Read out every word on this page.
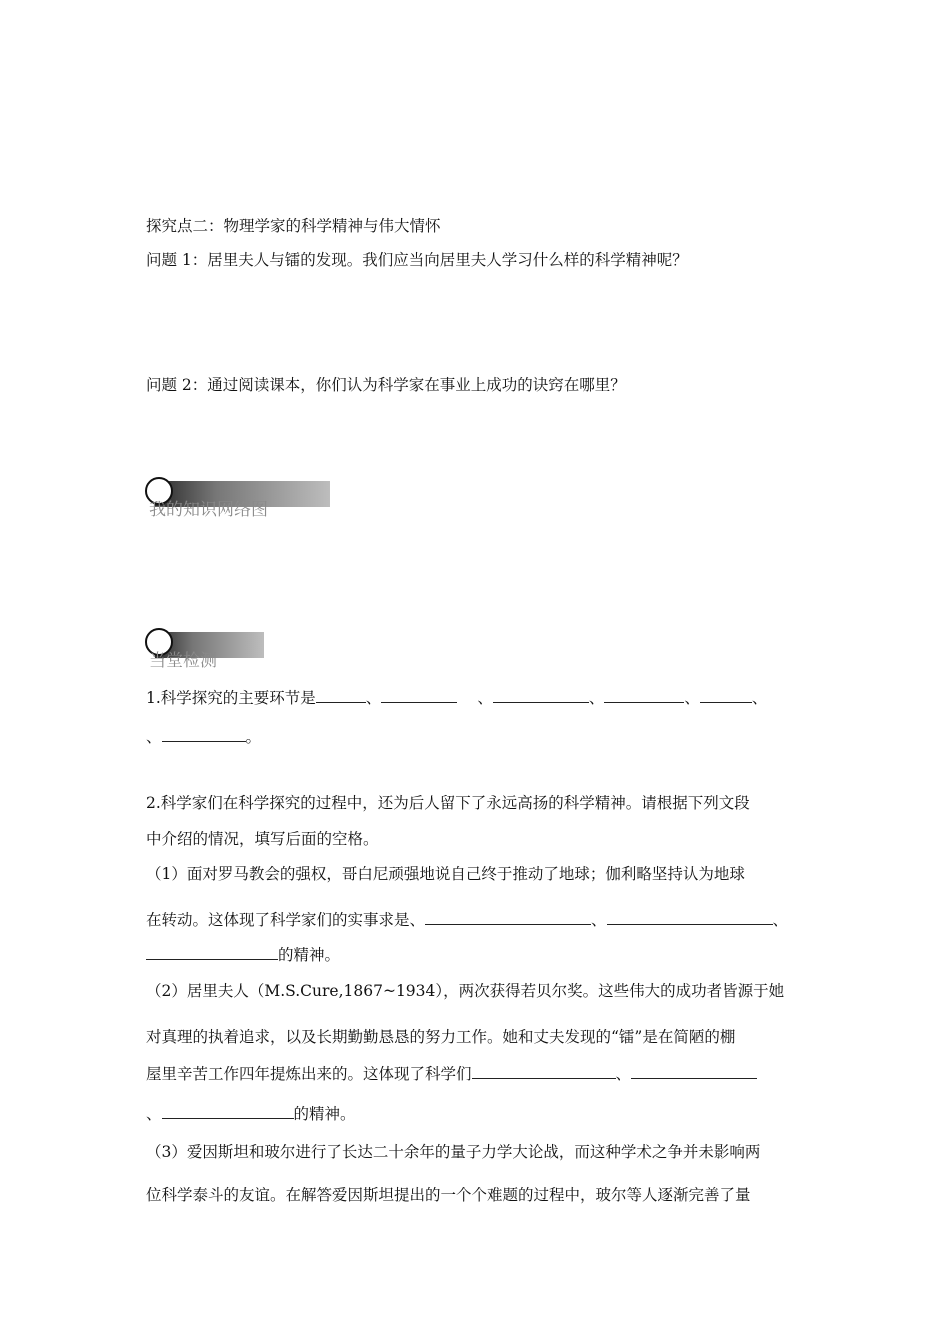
探究点二：物理学家的科学精神与伟大情怀
问题 1：居里夫人与镭的发现。我们应当向居里夫人学习什么样的科学精神呢？
问题 2：通过阅读课本，你们认为科学家在事业上成功的诀窍在哪里？
我的知识网络图
当堂检测
1.科学探究的主要环节是	、	、	、	、	、
、	。
2.科学家们在科学探究的过程中，还为后人留下了永远高扬的科学精神。请根据下列文段
中介绍的情况，填写后面的空格。
（1）面对罗马教会的强权，哥白尼顽强地说自己终于推动了地球；伽利略坚持认为地球
在转动。这体现了科学家们的实事求是、	、	、
的精神。
（2）居里夫人（M.S.Cure,1867~1934），两次获得若贝尔奖。这些伟大的成功者皆源于她
对真理的执着追求，以及长期勤勤恳恳的努力工作。她和丈夫发现的“镭”是在简陋的棚
屋里辛苦工作四年提炼出来的。这体现了科学们	、
、	的精神。
（3）爱因斯坦和玻尔进行了长达二十余年的量子力学大论战，而这种学术之争并未影响两
位科学泰斗的友谊。在解答爱因斯坦提出的一个个难题的过程中，玻尔等人逐渐完善了量
